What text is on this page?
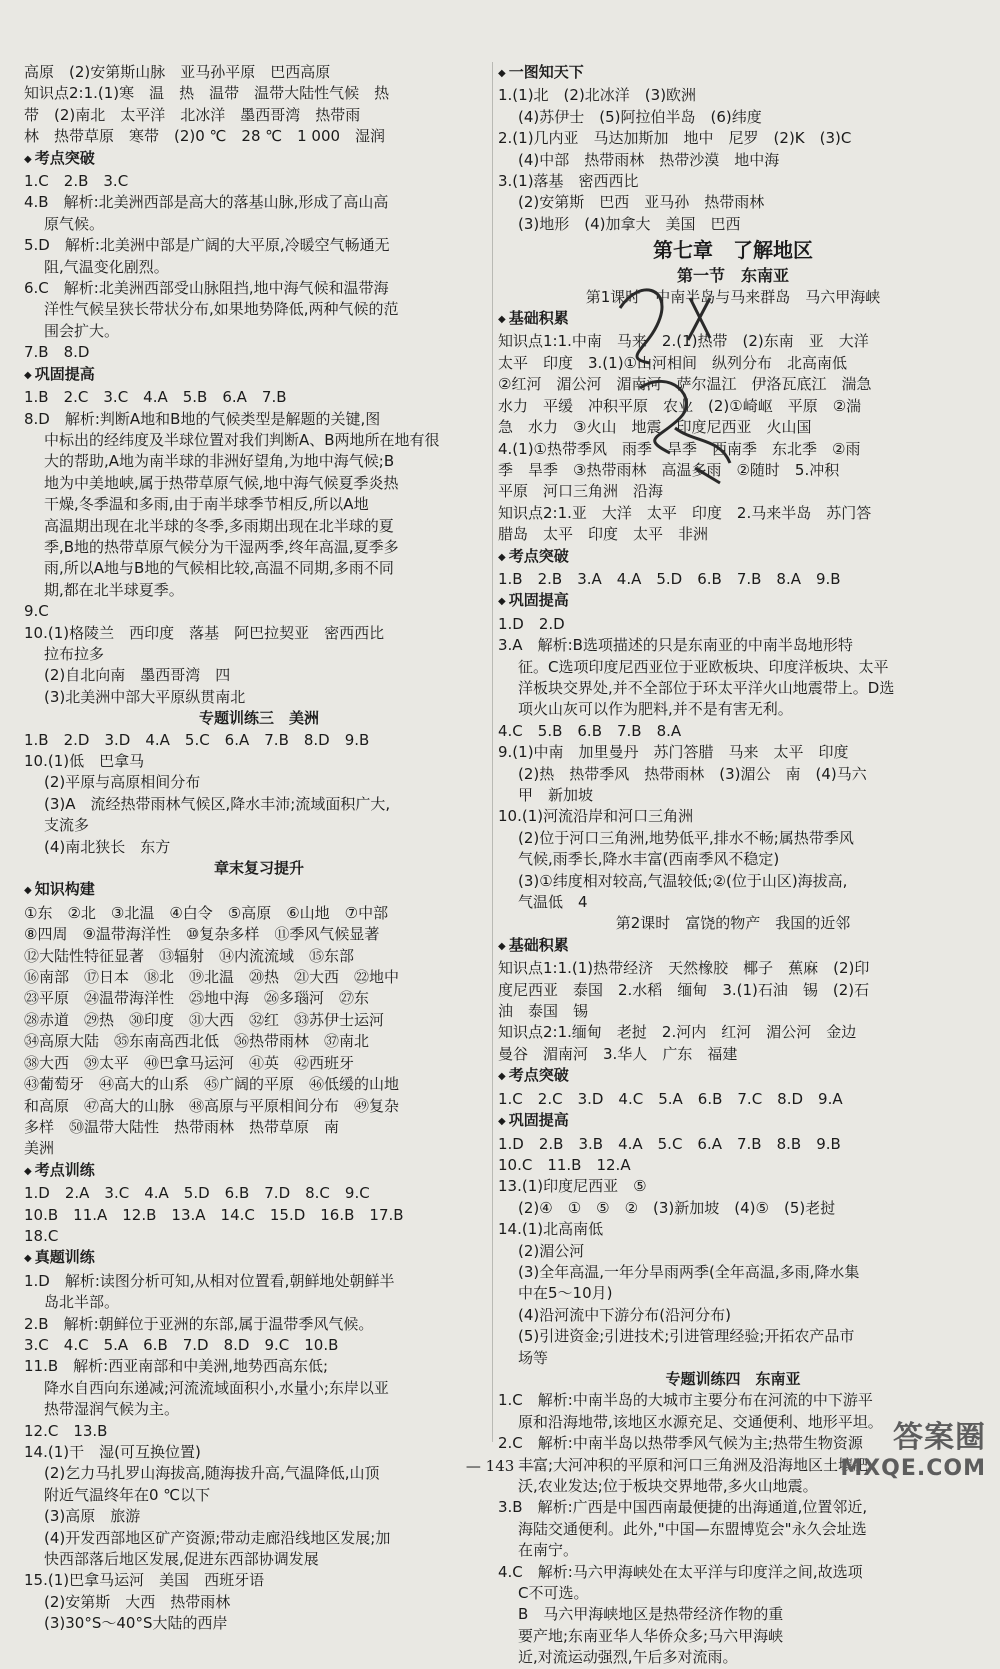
高原　(2)安第斯山脉　亚马孙平原　巴西高原
知识点2:1.(1)寒　温　热　温带　温带大陆性气候　热
带　(2)南北　太平洋　北冰洋　墨西哥湾　热带雨
林　热带草原　寒带　(2)0 ℃　28 ℃　1 000　湿润
◆ 考点突破
1.C　2.B　3.C
4.B　解析:北美洲西部是高大的落基山脉,形成了高山高
原气候。
5.D　解析:北美洲中部是广阔的大平原,冷暖空气畅通无
阻,气温变化剧烈。
6.C　解析:北美洲西部受山脉阻挡,地中海气候和温带海
洋性气候呈狭长带状分布,如果地势降低,两种气候的范
围会扩大。
7.B　8.D
◆ 巩固提高
1.B　2.C　3.C　4.A　5.B　6.A　7.B
8.D　解析:判断A地和B地的气候类型是解题的关键,图
中标出的经纬度及半球位置对我们判断A、B两地所在地有很
大的帮助,A地为南半球的非洲好望角,为地中海气候;B
地为中美地峡,属于热带草原气候,地中海气候夏季炎热
干燥,冬季温和多雨,由于南半球季节相反,所以A地
高温期出现在北半球的冬季,多雨期出现在北半球的夏
季,B地的热带草原气候分为干湿两季,终年高温,夏季多
雨,所以A地与B地的气候相比较,高温不同期,多雨不同
期,都在北半球夏季。
9.C
10.(1)格陵兰　西印度　落基　阿巴拉契亚　密西西比
拉布拉多
(2)自北向南　墨西哥湾　四
(3)北美洲中部大平原纵贯南北
专题训练三　美洲
1.B　2.D　3.D　4.A　5.C　6.A　7.B　8.D　9.B
10.(1)低　巴拿马
(2)平原与高原相间分布
(3)A　流经热带雨林气候区,降水丰沛;流域面积广大,
支流多
(4)南北狭长　东方
章末复习提升
◆ 知识构建
①东　②北　③北温　④白令　⑤高原　⑥山地　⑦中部
⑧四周　⑨温带海洋性　⑩复杂多样　⑪季风气候显著
⑫大陆性特征显著　⑬辐射　⑭内流流域　⑮东部
⑯南部　⑰日本　⑱北　⑲北温　⑳热　㉑大西　㉒地中
㉓平原　㉔温带海洋性　㉕地中海　㉖多瑙河　㉗东
㉘赤道　㉙热　㉚印度　㉛大西　㉜红　㉝苏伊士运河
㉞高原大陆　㉟东南高西北低　㊱热带雨林　㊲南北
㊳大西　㊴太平　㊵巴拿马运河　㊶英　㊷西班牙
㊸葡萄牙　㊹高大的山系　㊺广阔的平原　㊻低缓的山地
和高原　㊼高大的山脉　㊽高原与平原相间分布　㊾复杂
多样　㊿温带大陆性　热带雨林　热带草原　南
美洲
◆ 考点训练
1.D　2.A　3.C　4.A　5.D　6.B　7.D　8.C　9.C
10.B　11.A　12.B　13.A　14.C　15.D　16.B　17.B
18.C
◆ 真题训练
1.D　解析:读图分析可知,从相对位置看,朝鲜地处朝鲜半
岛北半部。
2.B　解析:朝鲜位于亚洲的东部,属于温带季风气候。
3.C　4.C　5.A　6.B　7.D　8.D　9.C　10.B
11.B　解析:西亚南部和中美洲,地势西高东低;
降水自西向东递减;河流流域面积小,水量小;东岸以亚
热带湿润气候为主。
12.C　13.B
14.(1)干　湿(可互换位置)
(2)乞力马扎罗山海拔高,随海拔升高,气温降低,山顶
附近气温终年在0 ℃以下
(3)高原　旅游
(4)开发西部地区矿产资源;带动走廊沿线地区发展;加
快西部落后地区发展,促进东西部协调发展
15.(1)巴拿马运河　美国　西班牙语
(2)安第斯　大西　热带雨林
(3)30°S～40°S大陆的西岸
◆ 一图知天下
1.(1)北　(2)北冰洋　(3)欧洲
(4)苏伊士　(5)阿拉伯半岛　(6)纬度
2.(1)几内亚　马达加斯加　地中　尼罗　(2)K　(3)C
(4)中部　热带雨林　热带沙漠　地中海
3.(1)落基　密西西比
(2)安第斯　巴西　亚马孙　热带雨林
(3)地形　(4)加拿大　美国　巴西
第七章　了解地区
第一节　东南亚
第1课时　中南半岛与马来群岛　马六甲海峡
◆ 基础积累
知识点1:1.中南　马来　2.(1)热带　(2)东南　亚　大洋
太平　印度　3.(1)①山河相间　纵列分布　北高南低
②红河　湄公河　湄南河　萨尔温江　伊洛瓦底江　湍急
水力　平缓　冲积平原　农业　(2)①崎岖　平原　②湍
急　水力　③火山　地震　印度尼西亚　火山国
4.(1)①热带季风　雨季　旱季　西南季　东北季　②雨
季　旱季　③热带雨林　高温多雨　②随时　5.冲积
平原　河口三角洲　沿海
知识点2:1.亚　大洋　太平　印度　2.马来半岛　苏门答
腊岛　太平　印度　太平　非洲
◆ 考点突破
1.B　2.B　3.A　4.A　5.D　6.B　7.B　8.A　9.B
◆ 巩固提高
1.D　2.D
3.A　解析:B选项描述的只是东南亚的中南半岛地形特
征。C选项印度尼西亚位于亚欧板块、印度洋板块、太平
洋板块交界处,并不全部位于环太平洋火山地震带上。D选
项火山灰可以作为肥料,并不是有害无利。
4.C　5.B　6.B　7.B　8.A
9.(1)中南　加里曼丹　苏门答腊　马来　太平　印度
(2)热　热带季风　热带雨林　(3)湄公　南　(4)马六
甲　新加坡
10.(1)河流沿岸和河口三角洲
(2)位于河口三角洲,地势低平,排水不畅;属热带季风
气候,雨季长,降水丰富(西南季风不稳定)
(3)①纬度相对较高,气温较低;②(位于山区)海拔高,
气温低　4
第2课时　富饶的物产　我国的近邻
◆ 基础积累
知识点1:1.(1)热带经济　天然橡胶　椰子　蕉麻　(2)印
度尼西亚　泰国　2.水稻　缅甸　3.(1)石油　锡　(2)石
油　泰国　锡
知识点2:1.缅甸　老挝　2.河内　红河　湄公河　金边
曼谷　湄南河　3.华人　广东　福建
◆ 考点突破
1.C　2.C　3.D　4.C　5.A　6.B　7.C　8.D　9.A
◆ 巩固提高
1.D　2.B　3.B　4.A　5.C　6.A　7.B　8.B　9.B
10.C　11.B　12.A
13.(1)印度尼西亚　⑤
(2)④　①　⑤　②　(3)新加坡　(4)⑤　(5)老挝
14.(1)北高南低
(2)湄公河
(3)全年高温,一年分旱雨两季(全年高温,多雨,降水集
中在5～10月)
(4)沿河流中下游分布(沿河分布)
(5)引进资金;引进技术;引进管理经验;开拓农产品市
场等
专题训练四　东南亚
1.C　解析:中南半岛的大城市主要分布在河流的中下游平
原和沿海地带,该地区水源充足、交通便利、地形平坦。
2.C　解析:中南半岛以热带季风气候为主;热带生物资源
丰富;大河冲积的平原和河口三角洲及沿海地区土壤肥
沃,农业发达;位于板块交界地带,多火山地震。
3.B　解析:广西是中国西南最便捷的出海通道,位置邻近,
海陆交通便利。此外,"中国—东盟博览会"永久会址选
在南宁。
4.C　解析:马六甲海峡处在太平洋与印度洋之间,故选项
C不可选。
B　马六甲海峡地区是热带经济作物的重
要产地;东南亚华人华侨众多;马六甲海峡
近,对流运动强烈,午后多对流雨。
— 143 —
答案圈
MXQE.COM
